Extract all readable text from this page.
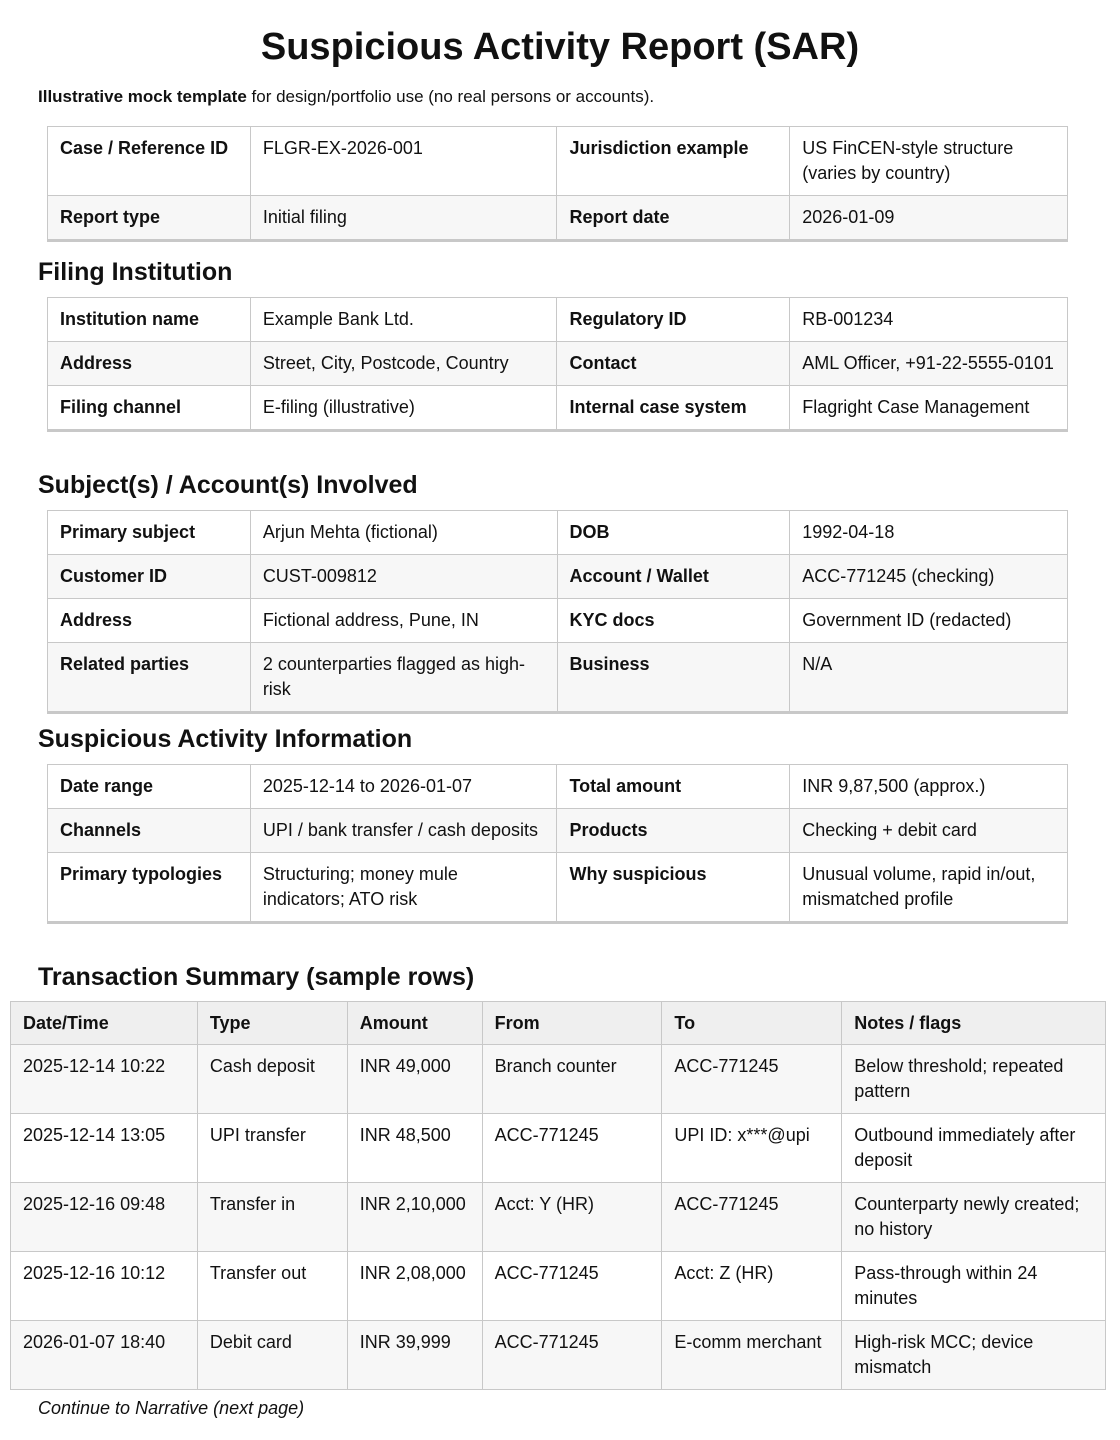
Suspicious Activity Report (SAR)

Illustrative mock template for design/portfolio use (no real persons or accounts).

Case / Reference ID	FLGR-EX-2026-001	Jurisdiction example	US FinCEN-style structure (varies by country)
Report type	Initial filing	Report date	2026-01-09
Filing Institution
Institution name	Example Bank Ltd.	Regulatory ID	RB-001234
Address	Street, City, Postcode, Country	Contact	AML Officer, +91-22-5555-0101
Filing channel	E-filing (illustrative)	Internal case system	Flagright Case Management
Subject(s) / Account(s) Involved
Primary subject	Arjun Mehta (fictional)	DOB	1992-04-18
Customer ID	CUST-009812	Account / Wallet	ACC-771245 (checking)
Address	Fictional address, Pune, IN	KYC docs	Government ID (redacted)
Related parties	2 counterparties flagged as high-risk	Business	N/A
Suspicious Activity Information
Date range	2025-12-14 to 2026-01-07	Total amount	INR 9,87,500 (approx.)
Channels	UPI / bank transfer / cash deposits	Products	Checking + debit card
Primary typologies	Structuring; money mule indicators; ATO risk	Why suspicious	Unusual volume, rapid in/out, mismatched profile
Transaction Summary (sample rows)
Date/Time	Type	Amount	From	To	Notes / flags
2025-12-14 10:22	Cash deposit	INR 49,000	Branch counter	ACC-771245	Below threshold; repeated pattern
2025-12-14 13:05	UPI transfer	INR 48,500	ACC-771245	UPI ID: x***@upi	Outbound immediately after deposit
2025-12-16 09:48	Transfer in	INR 2,10,000	Acct: Y (HR)	ACC-771245	Counterparty newly created; no history
2025-12-16 10:12	Transfer out	INR 2,08,000	ACC-771245	Acct: Z (HR)	Pass-through within 24 minutes
2026-01-07 18:40	Debit card	INR 39,999	ACC-771245	E-comm merchant	High-risk MCC; device mismatch

Continue to Narrative (next page)
